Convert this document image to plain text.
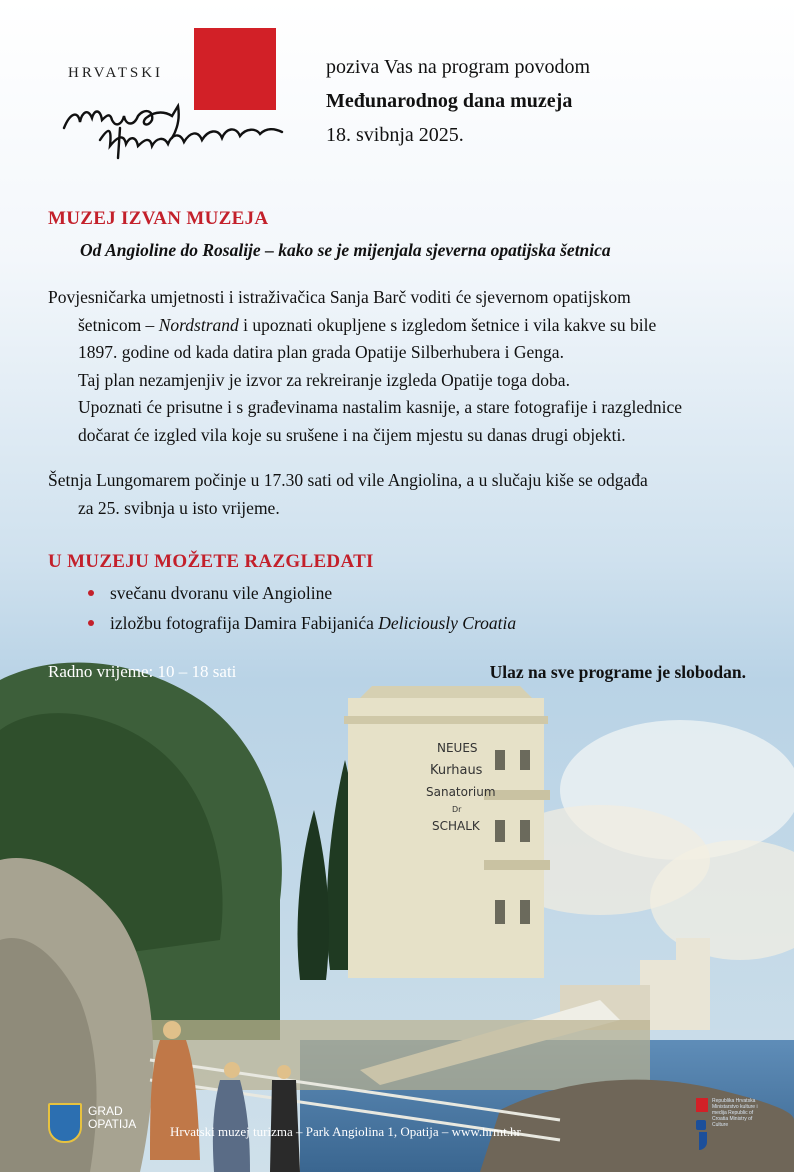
HRVATSKI	poziva Vas na program povodom
Međunarodnog dana muzeja
18. svibnja 2025.
MUZEJ IZVAN MUZEJA
Od Angioline do Rosalije – kako se je mijenjala sjeverna opatijska šetnica
Povjesničarka umjetnosti i istraživačica Sanja Barč voditi će sjevernom opatijskom
šetnicom – Nordstrand i upoznati okupljene s izgledom šetnice i vila kakve su bile
1897. godine od kada datira plan grada Opatije Silberhubera i Genga.
Taj plan nezamjenjiv je izvor za rekreiranje izgleda Opatije toga doba.
Upoznati će prisutne i s građevinama nastalim kasnije, a stare fotografije i razglednice
dočarat će izgled vila koje su srušene i na čijem mjestu su danas drugi objekti.
Šetnja Lungomarem počinje u 17.30 sati od vile Angiolina, a u slučaju kiše se odgađa
za 25. svibnja u isto vrijeme.
U MUZEJU MOŽETE RAZGLEDATI
svečanu dvoranu vile Angioline
izložbu fotografija Damira Fabijanića Deliciously Croatia
NEUES
Kurhaus
Sanatorium
Dr
SCHALK
Radno vrijeme: 10 – 18 sati	Ulaz na sve programe je slobodan.
GRAD
OPATIJA	Hrvatski muzej turizma – Park Angiolina 1, Opatija – www.hrmt.hr
Republika Hrvatska Ministarstvo kulture i medija Republic of Croatia Ministry of Culture
